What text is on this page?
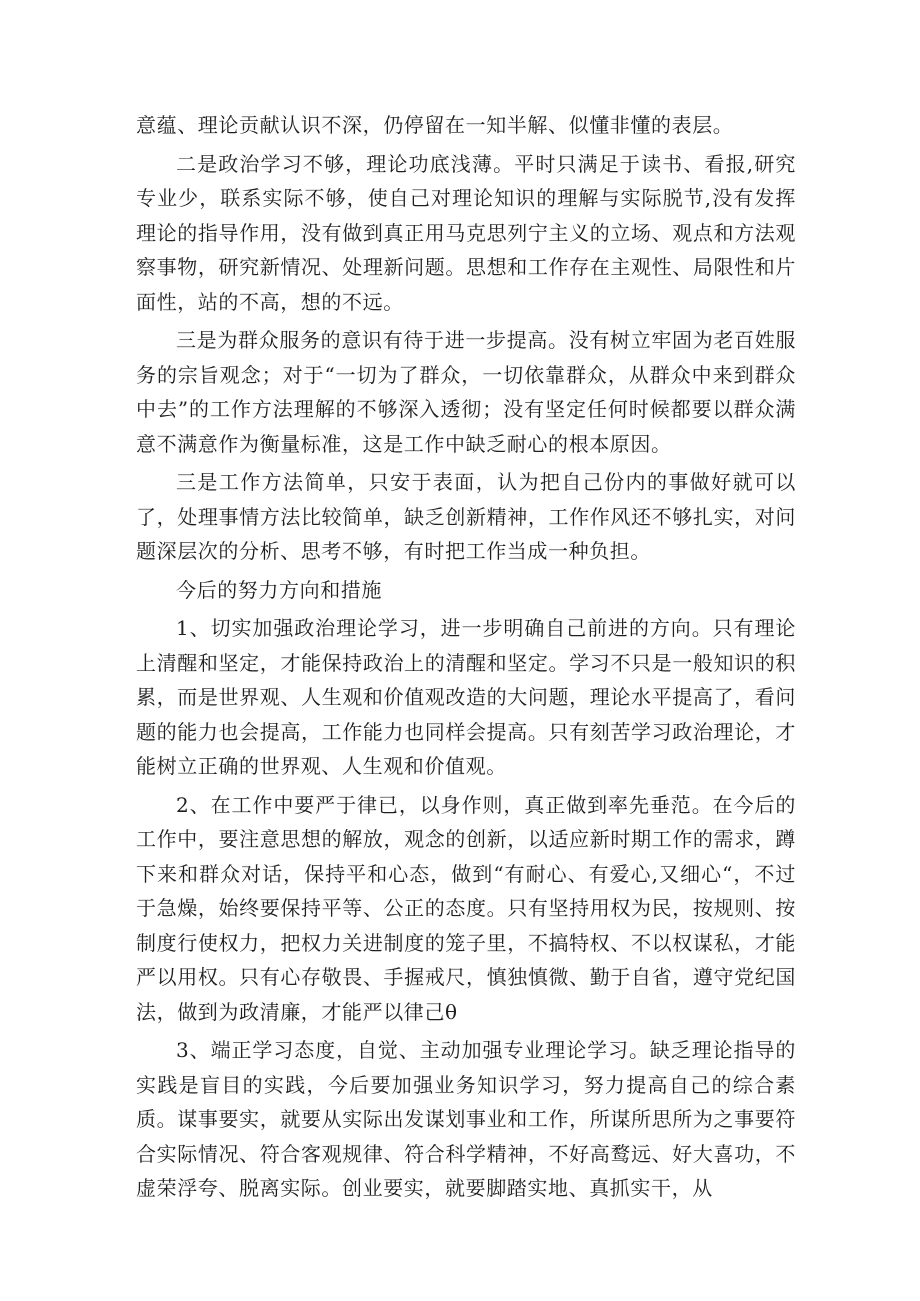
意蕴、理论贡献认识不深，仍停留在一知半解、似懂非懂的表层。

二是政治学习不够，理论功底浅薄。平时只满足于读书、看报,研究专业少，联系实际不够，使自己对理论知识的理解与实际脱节,没有发挥理论的指导作用，没有做到真正用马克思列宁主义的立场、观点和方法观察事物，研究新情况、处理新问题。思想和工作存在主观性、局限性和片面性，站的不高，想的不远。

三是为群众服务的意识有待于进一步提高。没有树立牢固为老百姓服务的宗旨观念；对于“一切为了群众，一切依靠群众，从群众中来到群众中去”的工作方法理解的不够深入透彻；没有坚定任何时候都要以群众满意不满意作为衡量标准，这是工作中缺乏耐心的根本原因。

三是工作方法简单，只安于表面，认为把自己份内的事做好就可以了，处理事情方法比较简单，缺乏创新精神，工作作风还不够扎实，对问题深层次的分析、思考不够，有时把工作当成一种负担。

今后的努力方向和措施

1、切实加强政治理论学习，进一步明确自己前进的方向。只有理论上清醒和坚定，才能保持政治上的清醒和坚定。学习不只是一般知识的积累，而是世界观、人生观和价值观改造的大问题，理论水平提高了，看问题的能力也会提高，工作能力也同样会提高。只有刻苦学习政治理论，才能树立正确的世界观、人生观和价值观。

2、在工作中要严于律已，以身作则，真正做到率先垂范。在今后的工作中，要注意思想的解放，观念的创新，以适应新时期工作的需求，蹲下来和群众对话，保持平和心态，做到“有耐心、有爱心,又细心“，不过于急燥，始终要保持平等、公正的态度。只有坚持用权为民，按规则、按制度行使权力，把权力关进制度的笼子里，不搞特权、不以权谋私，才能严以用权。只有心存敬畏、手握戒尺，慎独慎微、勤于自省，遵守党纪国法，做到为政清廉，才能严以律己θ

3、端正学习态度，自觉、主动加强专业理论学习。缺乏理论指导的实践是盲目的实践，今后要加强业务知识学习，努力提高自己的综合素质。谋事要实，就要从实际出发谋划事业和工作，所谋所思所为之事要符合实际情况、符合客观规律、符合科学精神，不好高鹜远、好大喜功，不虚荣浮夸、脱离实际。创业要实，就要脚踏实地、真抓实干，从
